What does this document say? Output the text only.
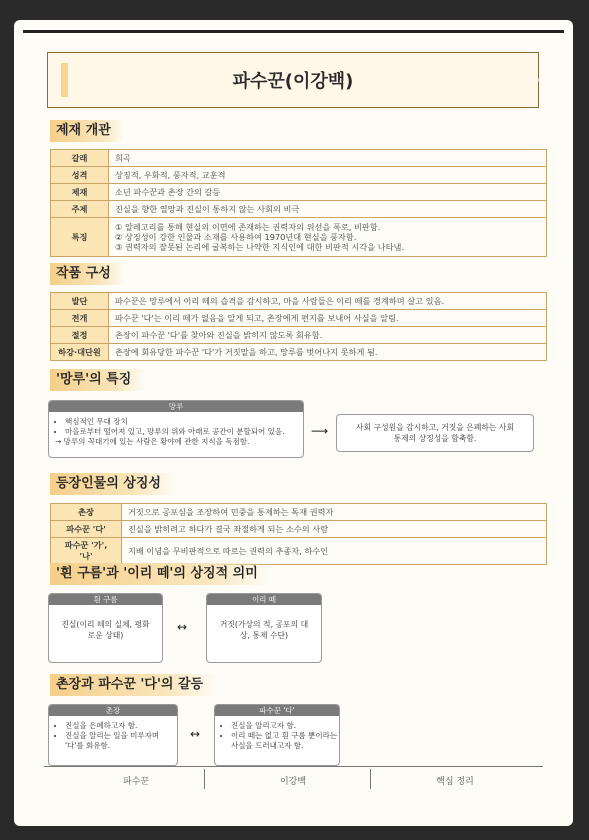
파수꾼(이강백)
제재 개관
갈래	희곡
성격	상징적, 우화적, 풍자적, 교훈적
제재	소년 파수꾼과 촌장 간의 갈등
주제	진실을 향한 열망과 진실이 통하지 않는 사회의 비극
특징	① 알레고리를 통해 현실의 이면에 존재하는 권력자의 위선을 폭로, 비판함.
② 상징성이 강한 인물과 소재를 사용하여 1970년대 현실을 풍자함.
③ 권력자의 잘못된 논리에 굴복하는 나약한 지식인에 대한 비판적 시각을 나타냄.
작품 구성
발단	파수꾼은 망루에서 이리 떼의 습격을 감시하고, 마을 사람들은 이리 떼를 경계하며 살고 있음.
전개	파수꾼 '다'는 이리 떼가 없음을 알게 되고, 촌장에게 편지를 보내어 사실을 알림.
절정	촌장이 파수꾼 '다'를 찾아와 진실을 밝히지 않도록 회유함.
하강·대단원	촌장에 회유당한 파수꾼 '다'가 거짓말을 하고, 망루를 벗어나지 못하게 됨.
'망루'의 특징
망루
• 핵심적인 무대 장치
• 마을로부터 떨어져 있고, 망루의 위와 아래로 공간이 분할되어 있음.
→ 망루의 꼭대기에 있는 사람은 황야에 관한 지식을 독점함.
⟶	사회 구성원을 감시하고, 거짓을 은폐하는 사회 통제의 상징성을 함축함.
등장인물의 상징성
촌장	거짓으로 공포심을 조장하여 민중을 통제하는 독재 권력자
파수꾼 '다'	진실을 밝히려고 하다가 결국 좌절하게 되는 소수의 사람
파수꾼 '가', '나'	지배 이념을 무비판적으로 따르는 권력의 추종자, 하수인
'흰 구름'과 '이리 떼'의 상징적 의미
흰 구름
진실(이리 떼의 실체, 평화로운 상태)
↔
이리 떼
거짓(가상의 적, 공포의 대상, 통제 수단)
촌장과 파수꾼 '다'의 갈등
촌장
• 진실을 은폐하고자 함.
• 진실을 알리는 일을 미루자며 '다'를 회유함.
↔
파수꾼 '다'
• 진실을 알리고자 함.
• 이리 떼는 없고 흰 구름 뿐이라는 사실을 드러내고자 함.
파수꾼	이강백	핵심 정리
